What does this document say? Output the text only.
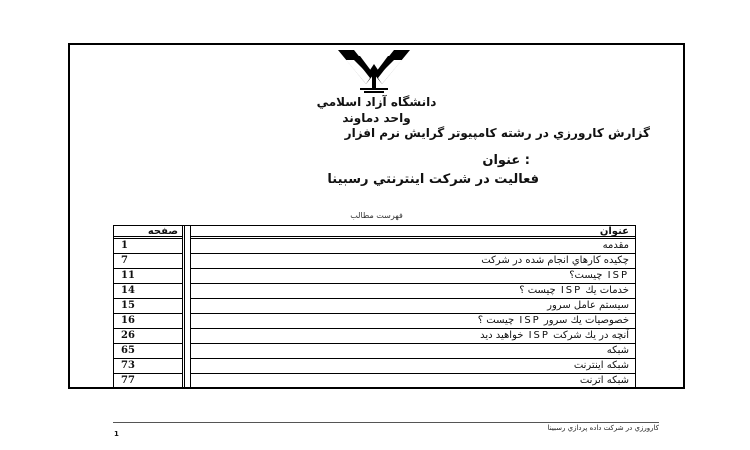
دانشگاه آزاد اسلامي
واحد دماوند
گزارش كارورزي در رشته كامپيوتر گرايش نرم افزار
: عنوان
فعاليت در شركت اينترنتي رسبينا
فهرست مطالب
صفحه
1
7
11
14
15
16
26
65
73
77
عنوان
مقدمه
چكيده كارهاي انجام شده در شركت
ISP چيست؟
خدمات يك ISP چيست ؟
سيستم عامل سرور
خصوصيات يك سرور ISP چيست ؟
آنچه در يك شركت ISP خواهيد ديد
شبكه
شبكه اينترنت
شبكه اترنت
كارورزي در شركت داده پردازي رسبينا
1
